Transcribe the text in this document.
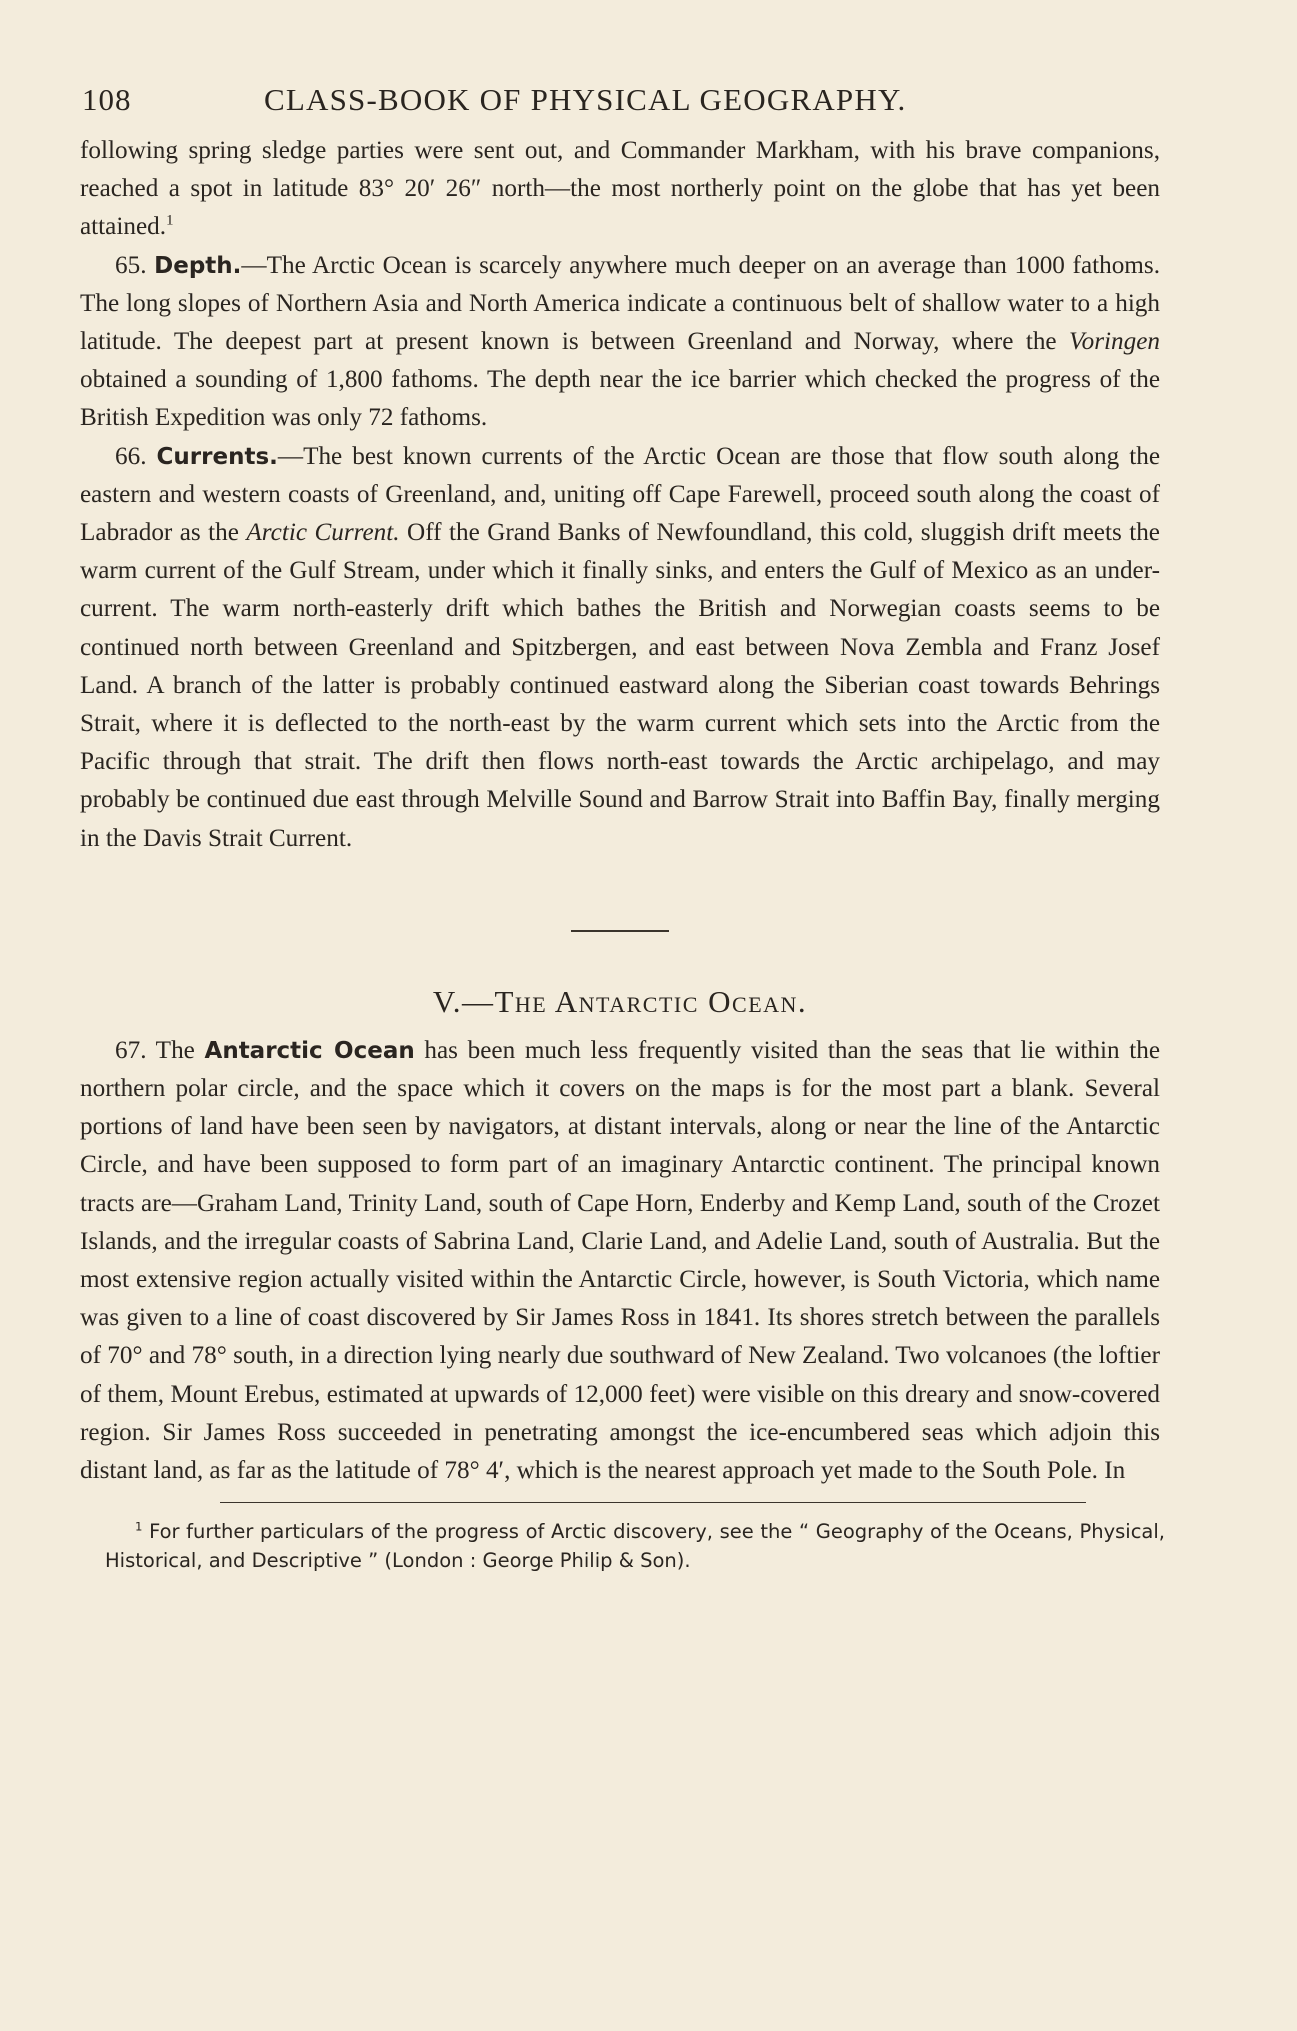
108	CLASS-BOOK OF PHYSICAL GEOGRAPHY.

following spring sledge parties were sent out, and Commander Markham, with his brave companions, reached a spot in latitude 83° 20′ 26″ north—the most northerly point on the globe that has yet been attained.$^1$

65. Depth.—The Arctic Ocean is scarcely anywhere much deeper on an average than 1000 fathoms. The long slopes of Northern Asia and North America indicate a continuous belt of shallow water to a high latitude. The deepest part at present known is between Greenland and Norway, where the Voringen obtained a sounding of 1,800 fathoms. The depth near the ice barrier which checked the progress of the British Expedition was only 72 fathoms.

66. Currents.—The best known currents of the Arctic Ocean are those that flow south along the eastern and western coasts of Greenland, and, uniting off Cape Farewell, proceed south along the coast of Labrador as the Arctic Current. Off the Grand Banks of Newfoundland, this cold, sluggish drift meets the warm current of the Gulf Stream, under which it finally sinks, and enters the Gulf of Mexico as an under-current. The warm north-easterly drift which bathes the British and Norwegian coasts seems to be continued north between Greenland and Spitzbergen, and east between Nova Zembla and Franz Josef Land. A branch of the latter is probably continued eastward along the Siberian coast towards Behrings Strait, where it is deflected to the north-east by the warm current which sets into the Arctic from the Pacific through that strait. The drift then flows north-east towards the Arctic archipelago, and may probably be continued due east through Melville Sound and Barrow Strait into Baffin Bay, finally merging in the Davis Strait Current.

V.—The Antarctic Ocean.

67. The Antarctic Ocean has been much less frequently visited than the seas that lie within the northern polar circle, and the space which it covers on the maps is for the most part a blank. Several portions of land have been seen by navigators, at distant intervals, along or near the line of the Antarctic Circle, and have been supposed to form part of an imaginary Antarctic continent. The principal known tracts are—Graham Land, Trinity Land, south of Cape Horn, Enderby and Kemp Land, south of the Crozet Islands, and the irregular coasts of Sabrina Land, Clarie Land, and Adelie Land, south of Australia. But the most extensive region actually visited within the Antarctic Circle, however, is South Victoria, which name was given to a line of coast discovered by Sir James Ross in 1841. Its shores stretch between the parallels of 70° and 78° south, in a direction lying nearly due southward of New Zealand. Two volcanoes (the loftier of them, Mount Erebus, estimated at upwards of 12,000 feet) were visible on this dreary and snow-covered region. Sir James Ross succeeded in penetrating amongst the ice-encumbered seas which adjoin this distant land, as far as the latitude of 78° 4′, which is the nearest approach yet made to the South Pole. In

$^1$ For further particulars of the progress of Arctic discovery, see the “ Geography of the Oceans, Physical, Historical, and Descriptive ” (London : George Philip & Son).
